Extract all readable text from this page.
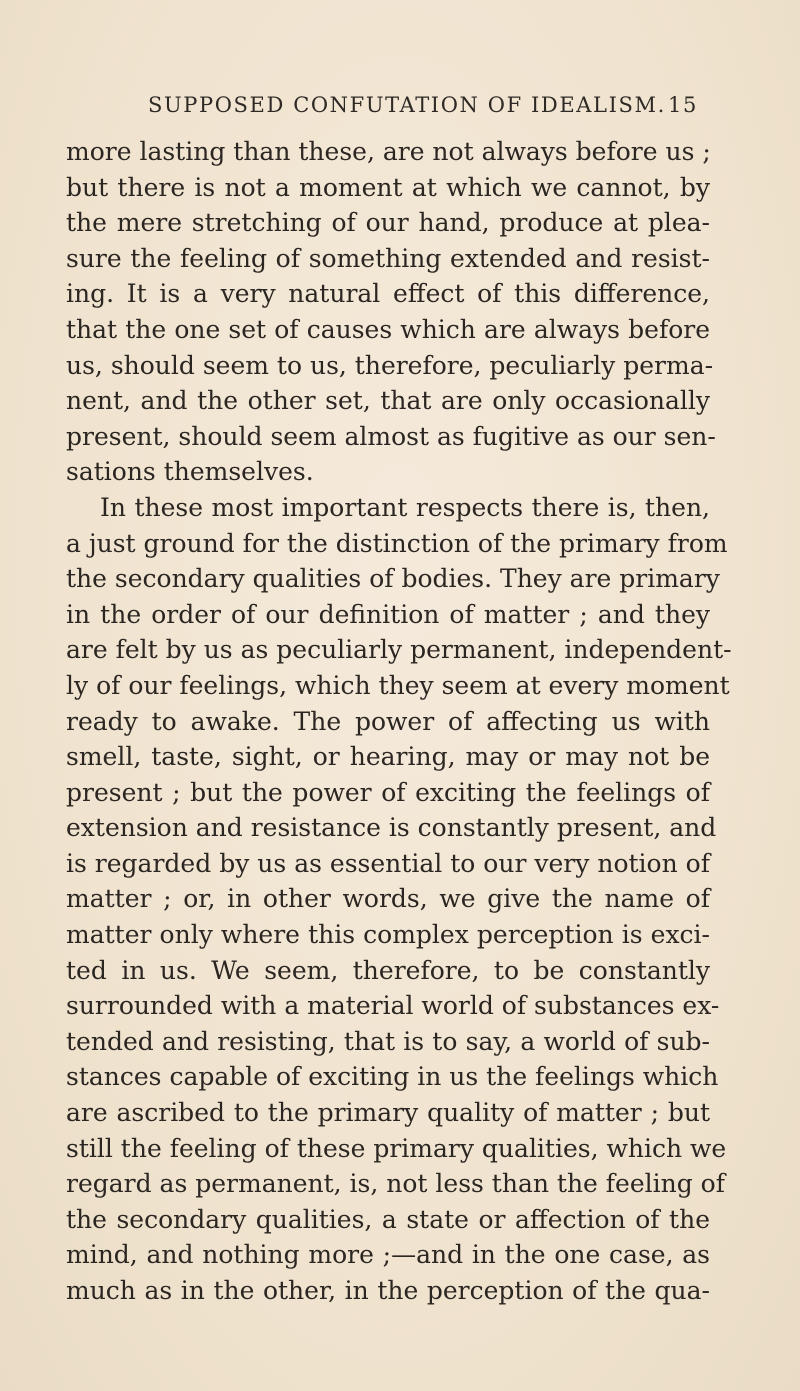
SUPPOSED CONFUTATION OF IDEALISM. 15
more lasting than these, are not always before us ;
but there is not a moment at which we cannot, by
the mere stretching of our hand, produce at plea-
sure the feeling of something extended and resist-
ing. It is a very natural effect of this difference,
that the one set of causes which are always before
us, should seem to us, therefore, peculiarly perma-
nent, and the other set, that are only occasionally
present, should seem almost as fugitive as our sen-
sations themselves.
In these most important respects there is, then,
a just ground for the distinction of the primary from
the secondary qualities of bodies. They are primary
in the order of our definition of matter ; and they
are felt by us as peculiarly permanent, independent-
ly of our feelings, which they seem at every moment
ready to awake. The power of affecting us with
smell, taste, sight, or hearing, may or may not be
present ; but the power of exciting the feelings of
extension and resistance is constantly present, and
is regarded by us as essential to our very notion of
matter ; or, in other words, we give the name of
matter only where this complex perception is exci-
ted in us. We seem, therefore, to be constantly
surrounded with a material world of substances ex-
tended and resisting, that is to say, a world of sub-
stances capable of exciting in us the feelings which
are ascribed to the primary quality of matter ; but
still the feeling of these primary qualities, which we
regard as permanent, is, not less than the feeling of
the secondary qualities, a state or affection of the
mind, and nothing more ;—and in the one case, as
much as in the other, in the perception of the qua-
